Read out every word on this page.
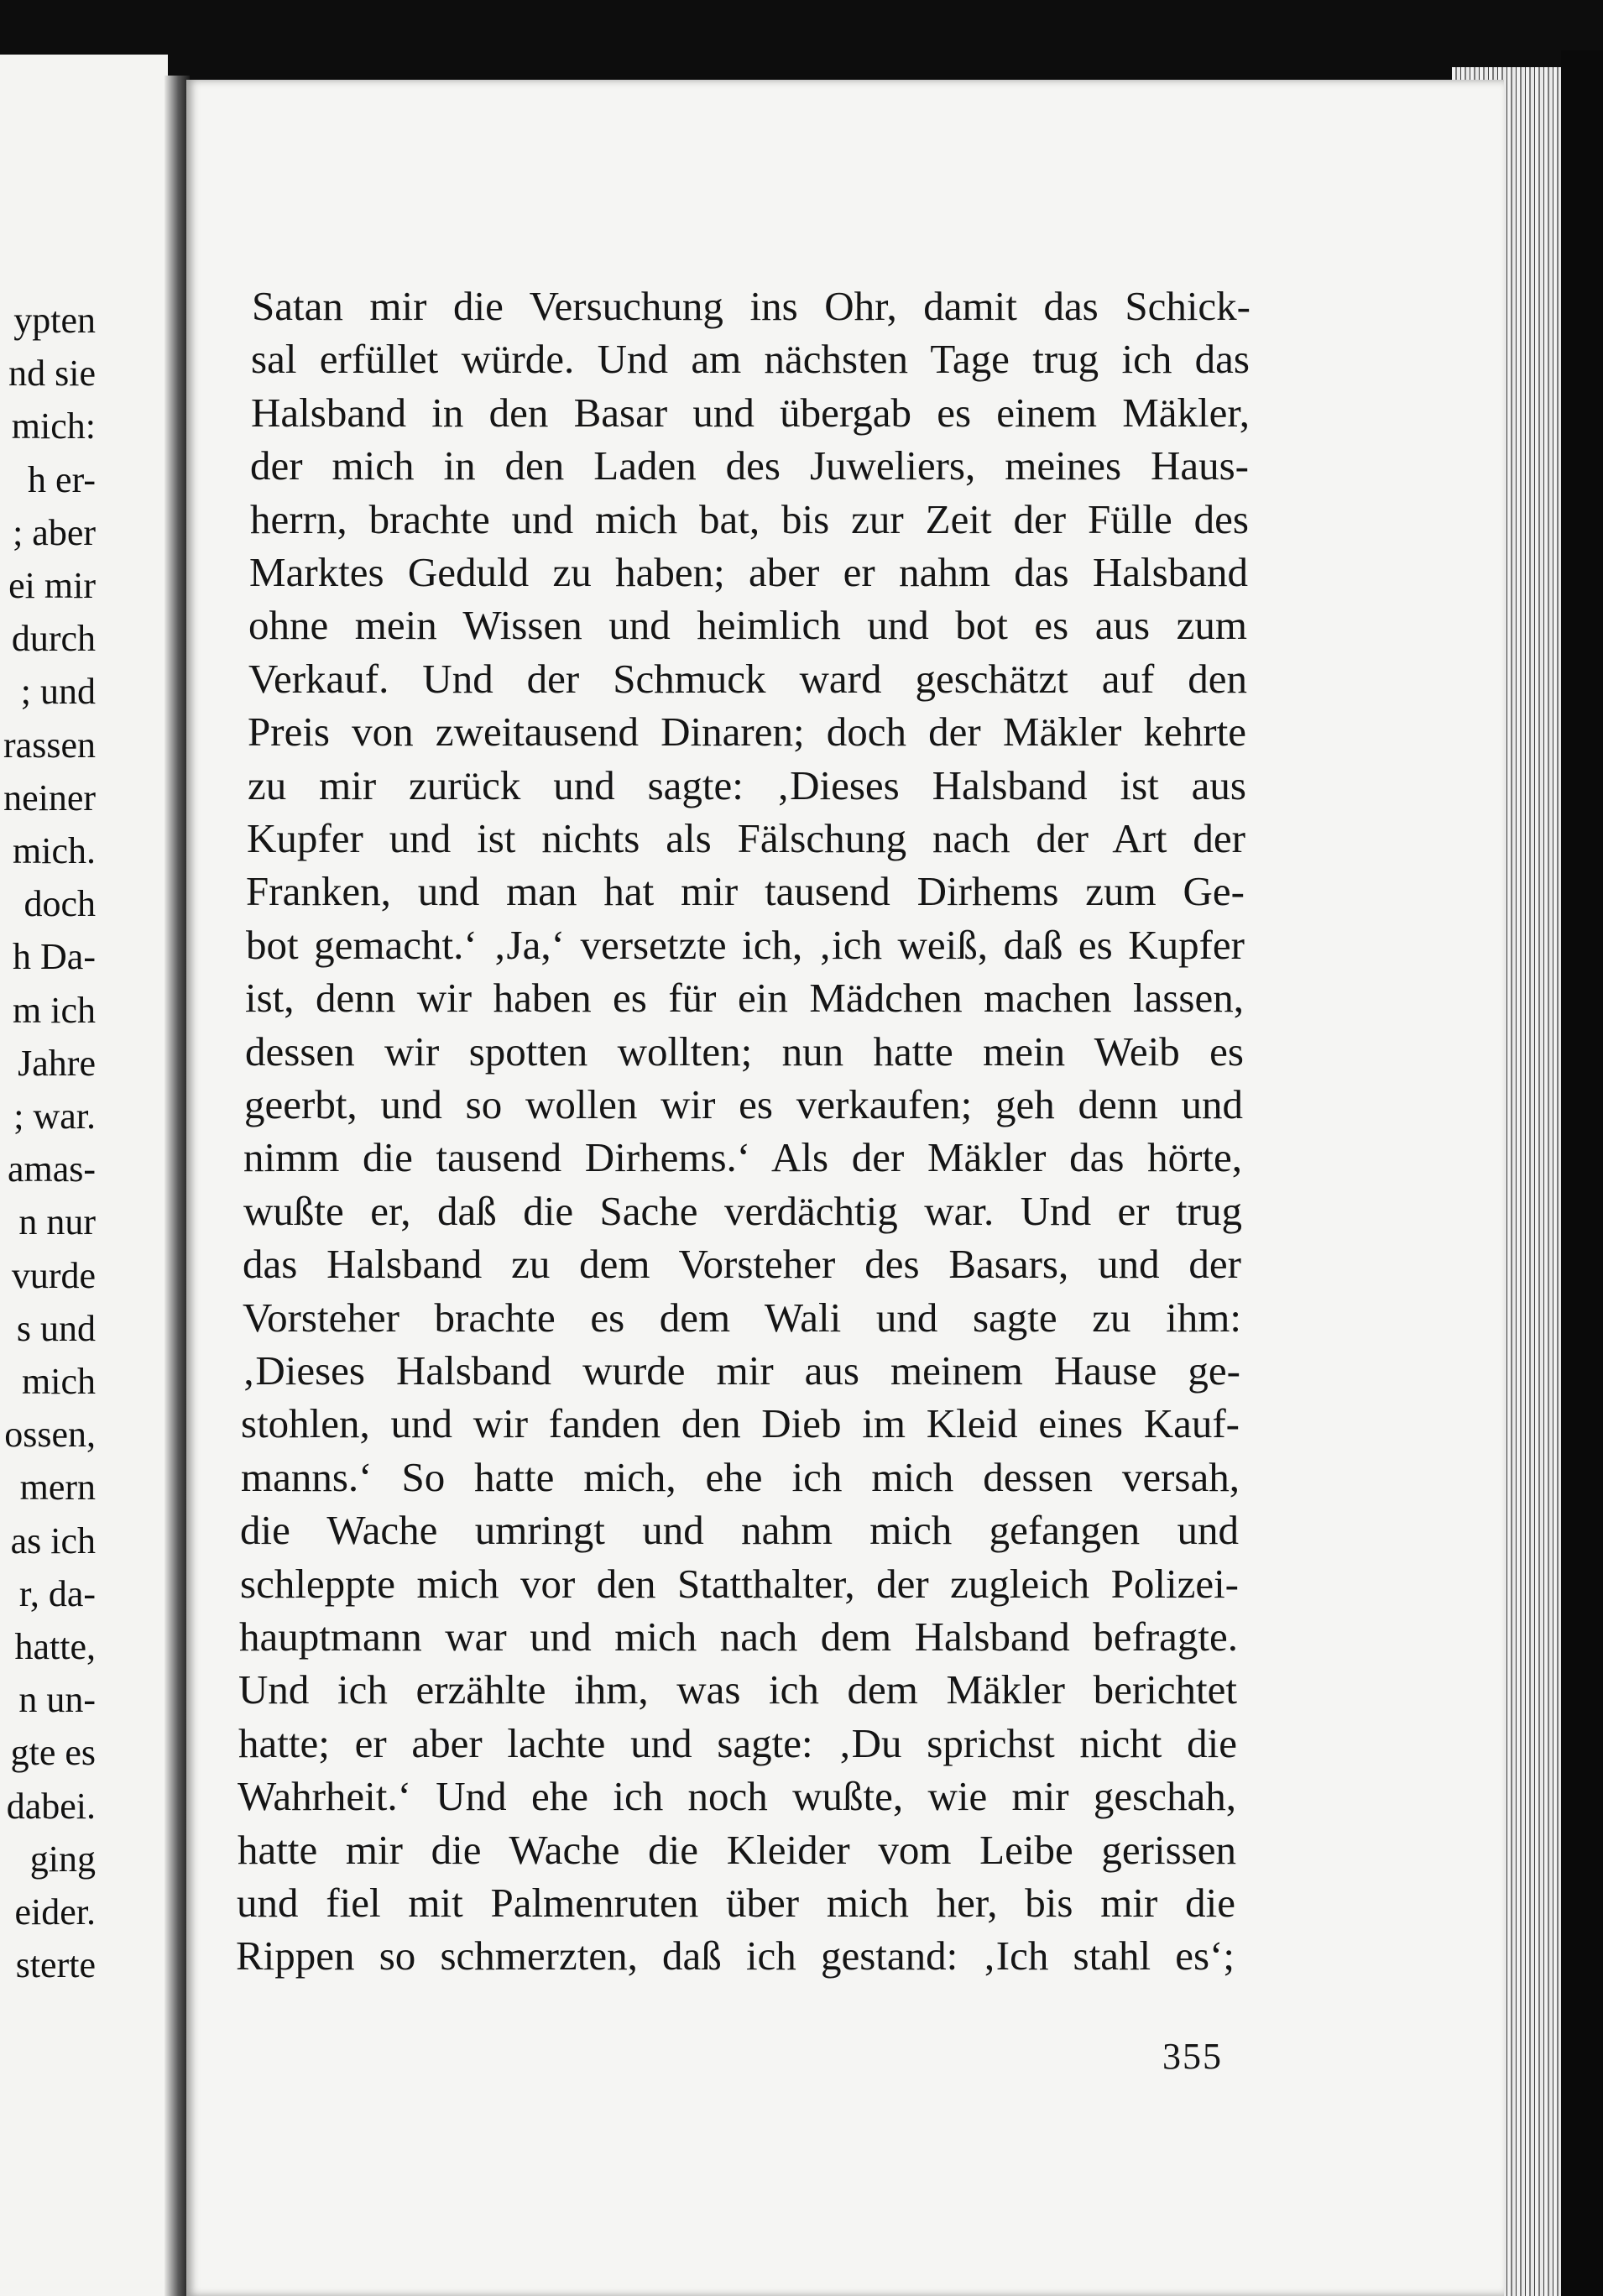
ypten
nd sie
mich:
h er-
; aber
ei mir
durch
; und
rassen
neiner
mich.
doch
h Da-
m ich
Jahre
; war.
amas-
n nur
vurde
s und
mich
ossen,
mern
as ich
r, da-
hatte,
n un-
gte es
dabei.
ging
eider.
sterte
Satan mir die Versuchung ins Ohr, damit das Schick-
sal erfüllet würde. Und am nächsten Tage trug ich das
Halsband in den Basar und übergab es einem Mäkler,
der mich in den Laden des Juweliers, meines Haus-
herrn, brachte und mich bat, bis zur Zeit der Fülle des
Marktes Geduld zu haben; aber er nahm das Halsband
ohne mein Wissen und heimlich und bot es aus zum
Verkauf. Und der Schmuck ward geschätzt auf den
Preis von zweitausend Dinaren; doch der Mäkler kehrte
zu mir zurück und sagte: ‚Dieses Halsband ist aus
Kupfer und ist nichts als Fälschung nach der Art der
Franken, und man hat mir tausend Dirhems zum Ge-
bot gemacht.‘ ‚Ja,‘ versetzte ich, ‚ich weiß, daß es Kupfer
ist, denn wir haben es für ein Mädchen machen lassen,
dessen wir spotten wollten; nun hatte mein Weib es
geerbt, und so wollen wir es verkaufen; geh denn und
nimm die tausend Dirhems.‘ Als der Mäkler das hörte,
wußte er, daß die Sache verdächtig war. Und er trug
das Halsband zu dem Vorsteher des Basars, und der
Vorsteher brachte es dem Wali und sagte zu ihm:
‚Dieses Halsband wurde mir aus meinem Hause ge-
stohlen, und wir fanden den Dieb im Kleid eines Kauf-
manns.‘ So hatte mich, ehe ich mich dessen versah,
die Wache umringt und nahm mich gefangen und
schleppte mich vor den Statthalter, der zugleich Polizei-
hauptmann war und mich nach dem Halsband befragte.
Und ich erzählte ihm, was ich dem Mäkler berichtet
hatte; er aber lachte und sagte: ‚Du sprichst nicht die
Wahrheit.‘ Und ehe ich noch wußte, wie mir geschah,
hatte mir die Wache die Kleider vom Leibe gerissen
und fiel mit Palmenruten über mich her, bis mir die
Rippen so schmerzten, daß ich gestand: ‚Ich stahl es‘;
355
